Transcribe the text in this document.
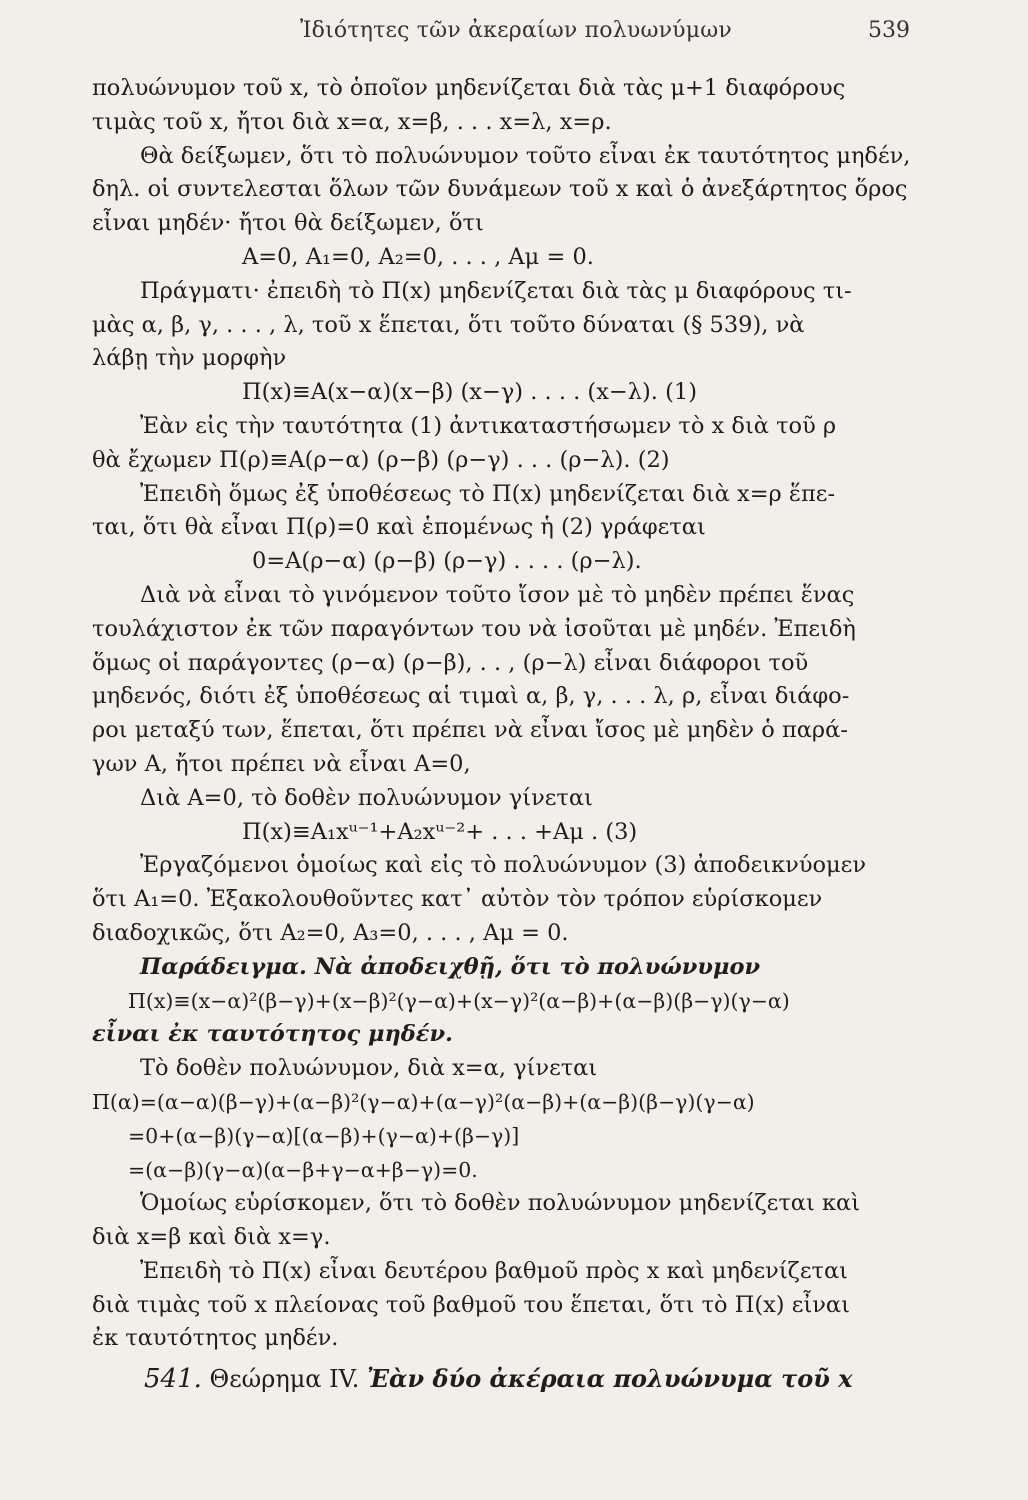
Ἰδιότητες τῶν ἀκεραίων πολυωνύμων	539
πολυώνυμον τοῦ x, τὸ ὁποῖον μηδενίζεται διὰ τὰς μ+1 διαφόρους
τιμὰς τοῦ x, ἤτοι διὰ x=α, x=β, . . . x=λ, x=ρ.
Θὰ δείξωμεν, ὅτι τὸ πολυώνυμον τοῦτο εἶναι ἐκ ταυτότητος μηδέν,
δηλ. οἱ συντελεσται ὅλων τῶν δυνάμεων τοῦ x καὶ ὁ ἀνεξάρτητος ὅρος
εἶναι μηδέν· ἤτοι θὰ δείξωμεν, ὅτι
A=0, A₁=0, A₂=0, . . . , Aμ = 0.
Πράγματι· ἐπειδὴ τὸ Π(x) μηδενίζεται διὰ τὰς μ διαφόρους τι-
μὰς α, β, γ, . . . , λ, τοῦ x ἕπεται, ὅτι τοῦτο δύναται (§ 539), νὰ
λάβῃ τὴν μορφὴν
Π(x)≡A(x−α)(x−β) (x−γ) . . . . (x−λ). (1)
Ἐὰν εἰς τὴν ταυτότητα (1) ἀντικαταστήσωμεν τὸ x διὰ τοῦ ρ
θὰ ἔχωμεν Π(ρ)≡A(ρ−α) (ρ−β) (ρ−γ) . . . (ρ−λ). (2)
Ἐπειδὴ ὅμως ἐξ ὑποθέσεως τὸ Π(x) μηδενίζεται διὰ x=ρ ἕπε-
ται, ὅτι θὰ εἶναι Π(ρ)=0 καὶ ἑπομένως ἡ (2) γράφεται
0=A(ρ−α) (ρ−β) (ρ−γ) . . . . (ρ−λ).
Διὰ νὰ εἶναι τὸ γινόμενον τοῦτο ἴσον μὲ τὸ μηδὲν πρέπει ἕνας
τουλάχιστον ἐκ τῶν παραγόντων του νὰ ἰσοῦται μὲ μηδέν. Ἐπειδὴ
ὅμως οἱ παράγοντες (ρ−α) (ρ−β), . . , (ρ−λ) εἶναι διάφοροι τοῦ
μηδενός, διότι ἐξ ὑποθέσεως αἱ τιμαὶ α, β, γ, . . . λ, ρ, εἶναι διάφο-
ροι μεταξύ των, ἕπεται, ὅτι πρέπει νὰ εἶναι ἴσος μὲ μηδὲν ὁ παρά-
γων A, ἤτοι πρέπει νὰ εἶναι A=0,
Διὰ A=0, τὸ δοθὲν πολυώνυμον γίνεται
Π(x)≡A₁xᵘ⁻¹+A₂xᵘ⁻²+ . . . +Aμ . (3)
Ἐργαζόμενοι ὁμοίως καὶ εἰς τὸ πολυώνυμον (3) ἀποδεικνύομεν
ὅτι A₁=0. Ἐξακολουθοῦντες κατ᾽ αὐτὸν τὸν τρόπον εὑρίσκομεν
διαδοχικῶς, ὅτι A₂=0, A₃=0, . . . , Aμ = 0.
Παράδειγμα. Νὰ ἀποδειχθῇ, ὅτι τὸ πολυώνυμον
Π(x)≡(x−α)²(β−γ)+(x−β)²(γ−α)+(x−γ)²(α−β)+(α−β)(β−γ)(γ−α)
εἶναι ἐκ ταυτότητος μηδέν.
Τὸ δοθὲν πολυώνυμον, διὰ x=α, γίνεται
Π(α)=(α−α)(β−γ)+(α−β)²(γ−α)+(α−γ)²(α−β)+(α−β)(β−γ)(γ−α)
=0+(α−β)(γ−α)[(α−β)+(γ−α)+(β−γ)]
=(α−β)(γ−α)(α−β+γ−α+β−γ)=0.
Ὁμοίως εὑρίσκομεν, ὅτι τὸ δοθὲν πολυώνυμον μηδενίζεται καὶ
διὰ x=β καὶ διὰ x=γ.
Ἐπειδὴ τὸ Π(x) εἶναι δευτέρου βαθμοῦ πρὸς x καὶ μηδενίζεται
διὰ τιμὰς τοῦ x πλείονας τοῦ βαθμοῦ του ἕπεται, ὅτι τὸ Π(x) εἶναι
ἐκ ταυτότητος μηδέν.
541. Θεώρημα IV. Ἐὰν δύο ἀκέραια πολυώνυμα τοῦ x
